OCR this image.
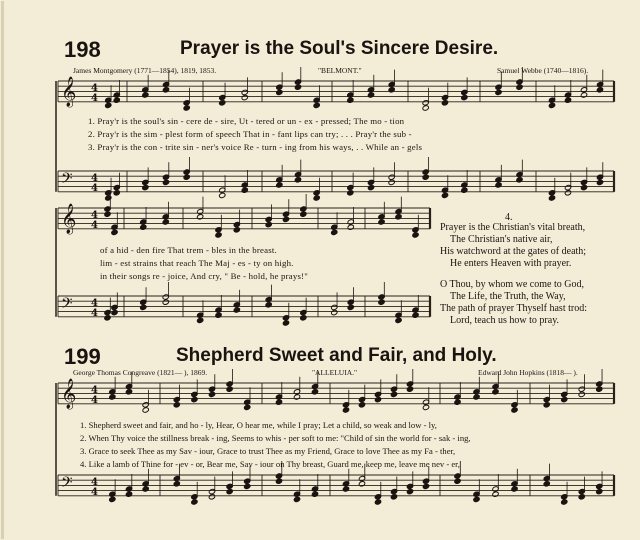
𝄞 4
4
𝄢 4
4
𝄞 4
4
𝄢 4
4
𝄞 4
4
𝄢 4
4
198	Prayer is the Soul's Sincere Desire.
James Montgomery (1771—1854), 1819, 1853.	"BELMONT."	Samuel Webbe (1740—1816).
1. Pray'r is the soul's sin - cere de - sire, Ut - tered or un - ex - pressed; The mo - tion
2. Pray'r is the sim - plest form of speech That in - fant lips can try; . . . Pray'r the sub -
3. Pray'r is the con - trite sin - ner's voice Re - turn - ing from his ways, . . While an - gels
of a hid - den fire That trem - bles in the breast.
lim - est strains that reach The Maj - es - ty on high.
in their songs re - joice, And cry, " Be - hold, he prays!"
4.
Prayer is the Christian's vital breath,
The Christian's native air,
His watchword at the gates of death;
He enters Heaven with prayer.
O Thou, by whom we come to God,
The Life, the Truth, the Way,
The path of prayer Thyself hast trod:
Lord, teach us how to pray.
199	Shepherd Sweet and Fair, and Holy.
George Thomas Congreave (1821— ), 1869.	"ALLELUIA."	Edward John Hopkins (1818— ).
1. Shepherd sweet and fair, and ho - ly, Hear, O hear me, while I pray; Let a child, so weak and low - ly,
2. When Thy voice the stillness break - ing, Seems to whis - per soft to me: "Child of sin the world for - sak - ing,
3. Grace to seek Thee as my Sav - iour, Grace to trust Thee as my Friend, Grace to love Thee as my Fa - ther,
4. Like a lamb of Thine for - ev - or, Bear me, Sav - iour on Thy breast, Guard me, keep me, leave me nev - er,
